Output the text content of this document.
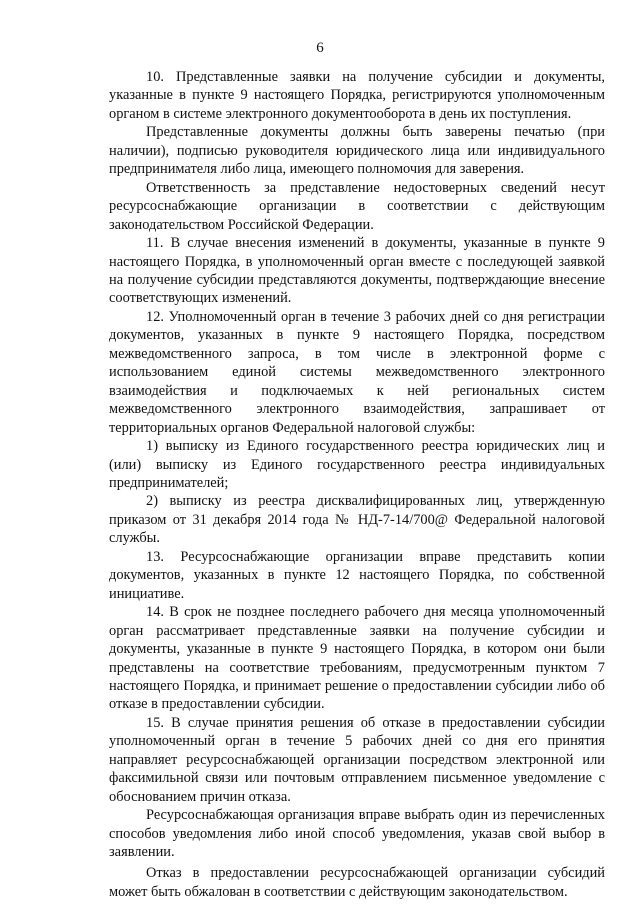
6

10. Представленные заявки на получение субсидии и документы, указанные в пункте 9 настоящего Порядка, регистрируются уполномоченным органом в системе электронного документооборота в день их поступления.

Представленные документы должны быть заверены печатью (при наличии), подписью руководителя юридического лица или индивидуального предпринимателя либо лица, имеющего полномочия для заверения.

Ответственность за представление недостоверных сведений несут ресурсоснабжающие организации в соответствии с действующим законодательством Российской Федерации.

11. В случае внесения изменений в документы, указанные в пункте 9 настоящего Порядка, в уполномоченный орган вместе с последующей заявкой на получение субсидии представляются документы, подтверждающие внесение соответствующих изменений.

12. Уполномоченный орган в течение 3 рабочих дней со дня регистрации документов, указанных в пункте 9 настоящего Порядка, посредством межведомственного запроса, в том числе в электронной форме с использованием единой системы межведомственного электронного взаимодействия и подключаемых к ней региональных систем межведомственного электронного взаимодействия, запрашивает от территориальных органов Федеральной налоговой службы:

1) выписку из Единого государственного реестра юридических лиц и (или) выписку из Единого государственного реестра индивидуальных предпринимателей;

2) выписку из реестра дисквалифицированных лиц, утвержденную приказом от 31 декабря 2014 года № НД-7-14/700@ Федеральной налоговой службы.

13. Ресурсоснабжающие организации вправе представить копии документов, указанных в пункте 12 настоящего Порядка, по собственной инициативе.

14. В срок не позднее последнего рабочего дня месяца уполномоченный орган рассматривает представленные заявки на получение субсидии и документы, указанные в пункте 9 настоящего Порядка, в котором они были представлены на соответствие требованиям, предусмотренным пунктом 7 настоящего Порядка, и принимает решение о предоставлении субсидии либо об отказе в предоставлении субсидии.

15. В случае принятия решения об отказе в предоставлении субсидии уполномоченный орган в течение 5 рабочих дней со дня его принятия направляет ресурсоснабжающей организации посредством электронной или факсимильной связи или почтовым отправлением письменное уведомление с обоснованием причин отказа.

Ресурсоснабжающая организация вправе выбрать один из перечисленных способов уведомления либо иной способ уведомления, указав свой выбор в заявлении.

Отказ в предоставлении ресурсоснабжающей организации субсидий может быть обжалован в соответствии с действующим законодательством.
